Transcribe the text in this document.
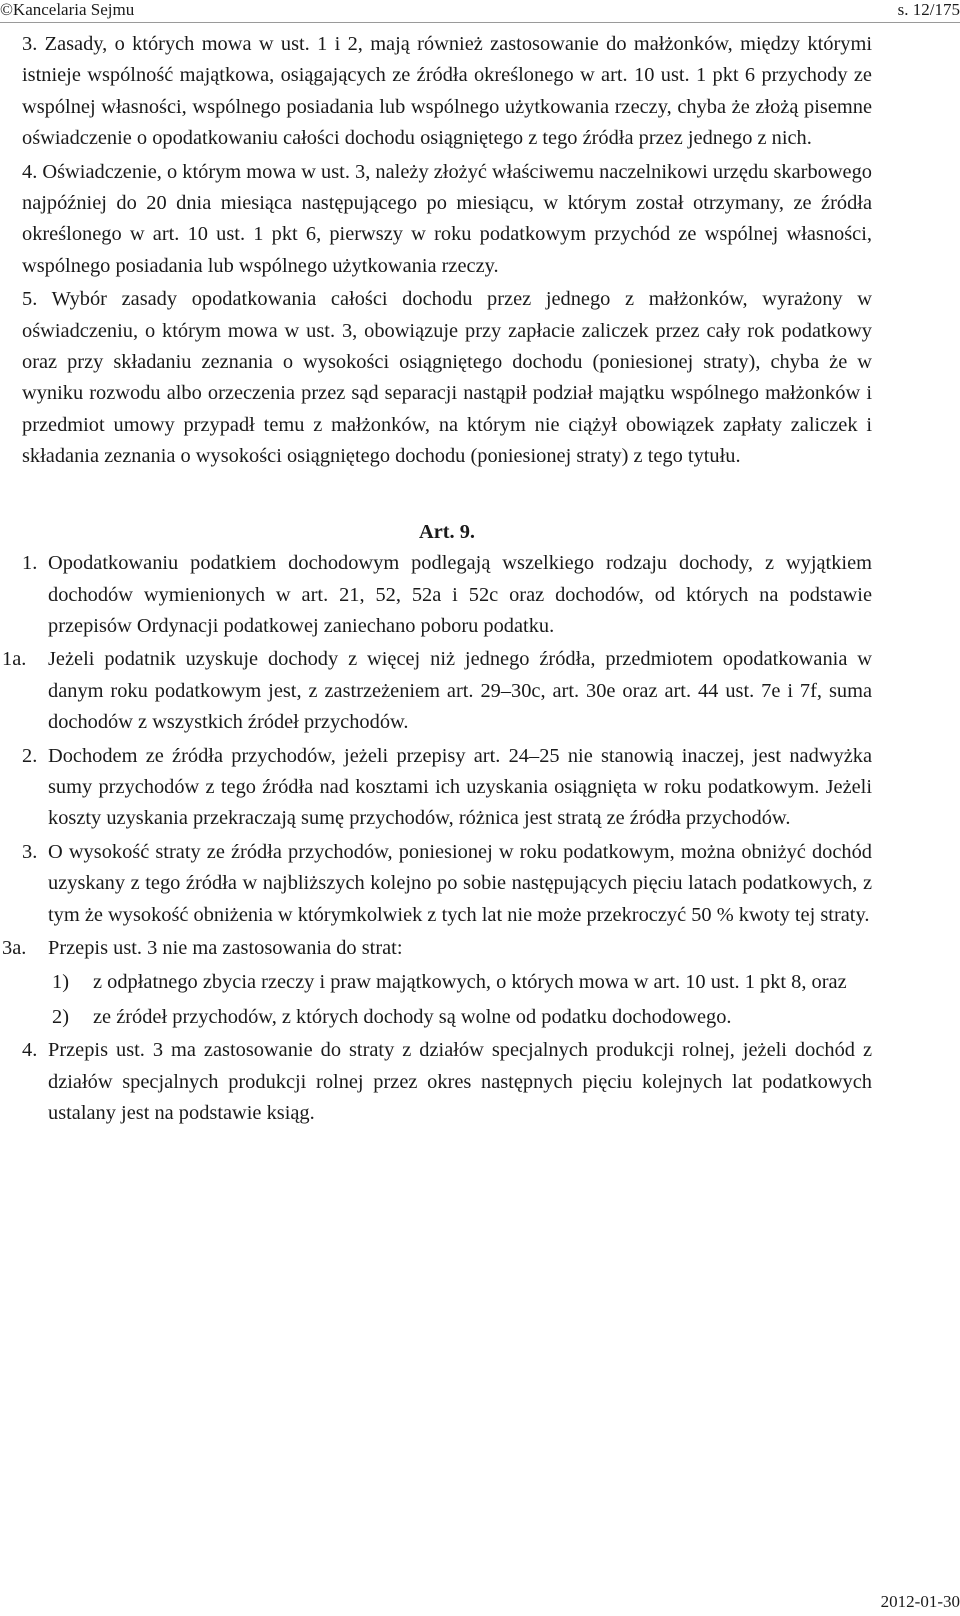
©Kancelaria Sejmu	s. 12/175

3. Zasady, o których mowa w ust. 1 i 2, mają również zastosowanie do małżonków, między którymi istnieje wspólność majątkowa, osiągających ze źródła określonego w art. 10 ust. 1 pkt 6 przychody ze wspólnej własności, wspólnego posiadania lub wspólnego użytkowania rzeczy, chyba że złożą pisemne oświadczenie o opodatkowaniu całości dochodu osiągniętego z tego źródła przez jednego z nich.

4. Oświadczenie, o którym mowa w ust. 3, należy złożyć właściwemu naczelnikowi urzędu skarbowego najpóźniej do 20 dnia miesiąca następującego po miesiącu, w którym został otrzymany, ze źródła określonego w art. 10 ust. 1 pkt 6, pierwszy w roku podatkowym przychód ze wspólnej własności, wspólnego posiadania lub wspólnego użytkowania rzeczy.

5. Wybór zasady opodatkowania całości dochodu przez jednego z małżonków, wyrażony w oświadczeniu, o którym mowa w ust. 3, obowiązuje przy zapłacie zaliczek przez cały rok podatkowy oraz przy składaniu zeznania o wysokości osiągniętego dochodu (poniesionej straty), chyba że w wyniku rozwodu albo orzeczenia przez sąd separacji nastąpił podział majątku wspólnego małżonków i przedmiot umowy przypadł temu z małżonków, na którym nie ciążył obowiązek zapłaty zaliczek i składania zeznania o wysokości osiągniętego dochodu (poniesionej straty) z tego tytułu.

Art. 9.

1. Opodatkowaniu podatkiem dochodowym podlegają wszelkiego rodzaju dochody, z wyjątkiem dochodów wymienionych w art. 21, 52, 52a i 52c oraz dochodów, od których na podstawie przepisów Ordynacji podatkowej zaniechano poboru podatku.
1a. Jeżeli podatnik uzyskuje dochody z więcej niż jednego źródła, przedmiotem opodatkowania w danym roku podatkowym jest, z zastrzeżeniem art. 29–30c, art. 30e oraz art. 44 ust. 7e i 7f, suma dochodów z wszystkich źródeł przychodów.
2. Dochodem ze źródła przychodów, jeżeli przepisy art. 24–25 nie stanowią inaczej, jest nadwyżka sumy przychodów z tego źródła nad kosztami ich uzyskania osiągnięta w roku podatkowym. Jeżeli koszty uzyskania przekraczają sumę przychodów, różnica jest stratą ze źródła przychodów.
3. O wysokość straty ze źródła przychodów, poniesionej w roku podatkowym, można obniżyć dochód uzyskany z tego źródła w najbliższych kolejno po sobie następujących pięciu latach podatkowych, z tym że wysokość obniżenia w którymkolwiek z tych lat nie może przekroczyć 50 % kwoty tej straty.
3a. Przepis ust. 3 nie ma zastosowania do strat:
1) z odpłatnego zbycia rzeczy i praw majątkowych, o których mowa w art. 10 ust. 1 pkt 8, oraz
2) ze źródeł przychodów, z których dochody są wolne od podatku dochodowego.
4. Przepis ust. 3 ma zastosowanie do straty z działów specjalnych produkcji rolnej, jeżeli dochód z działów specjalnych produkcji rolnej przez okres następnych pięciu kolejnych lat podatkowych ustalany jest na podstawie ksiąg.
2012-01-30
